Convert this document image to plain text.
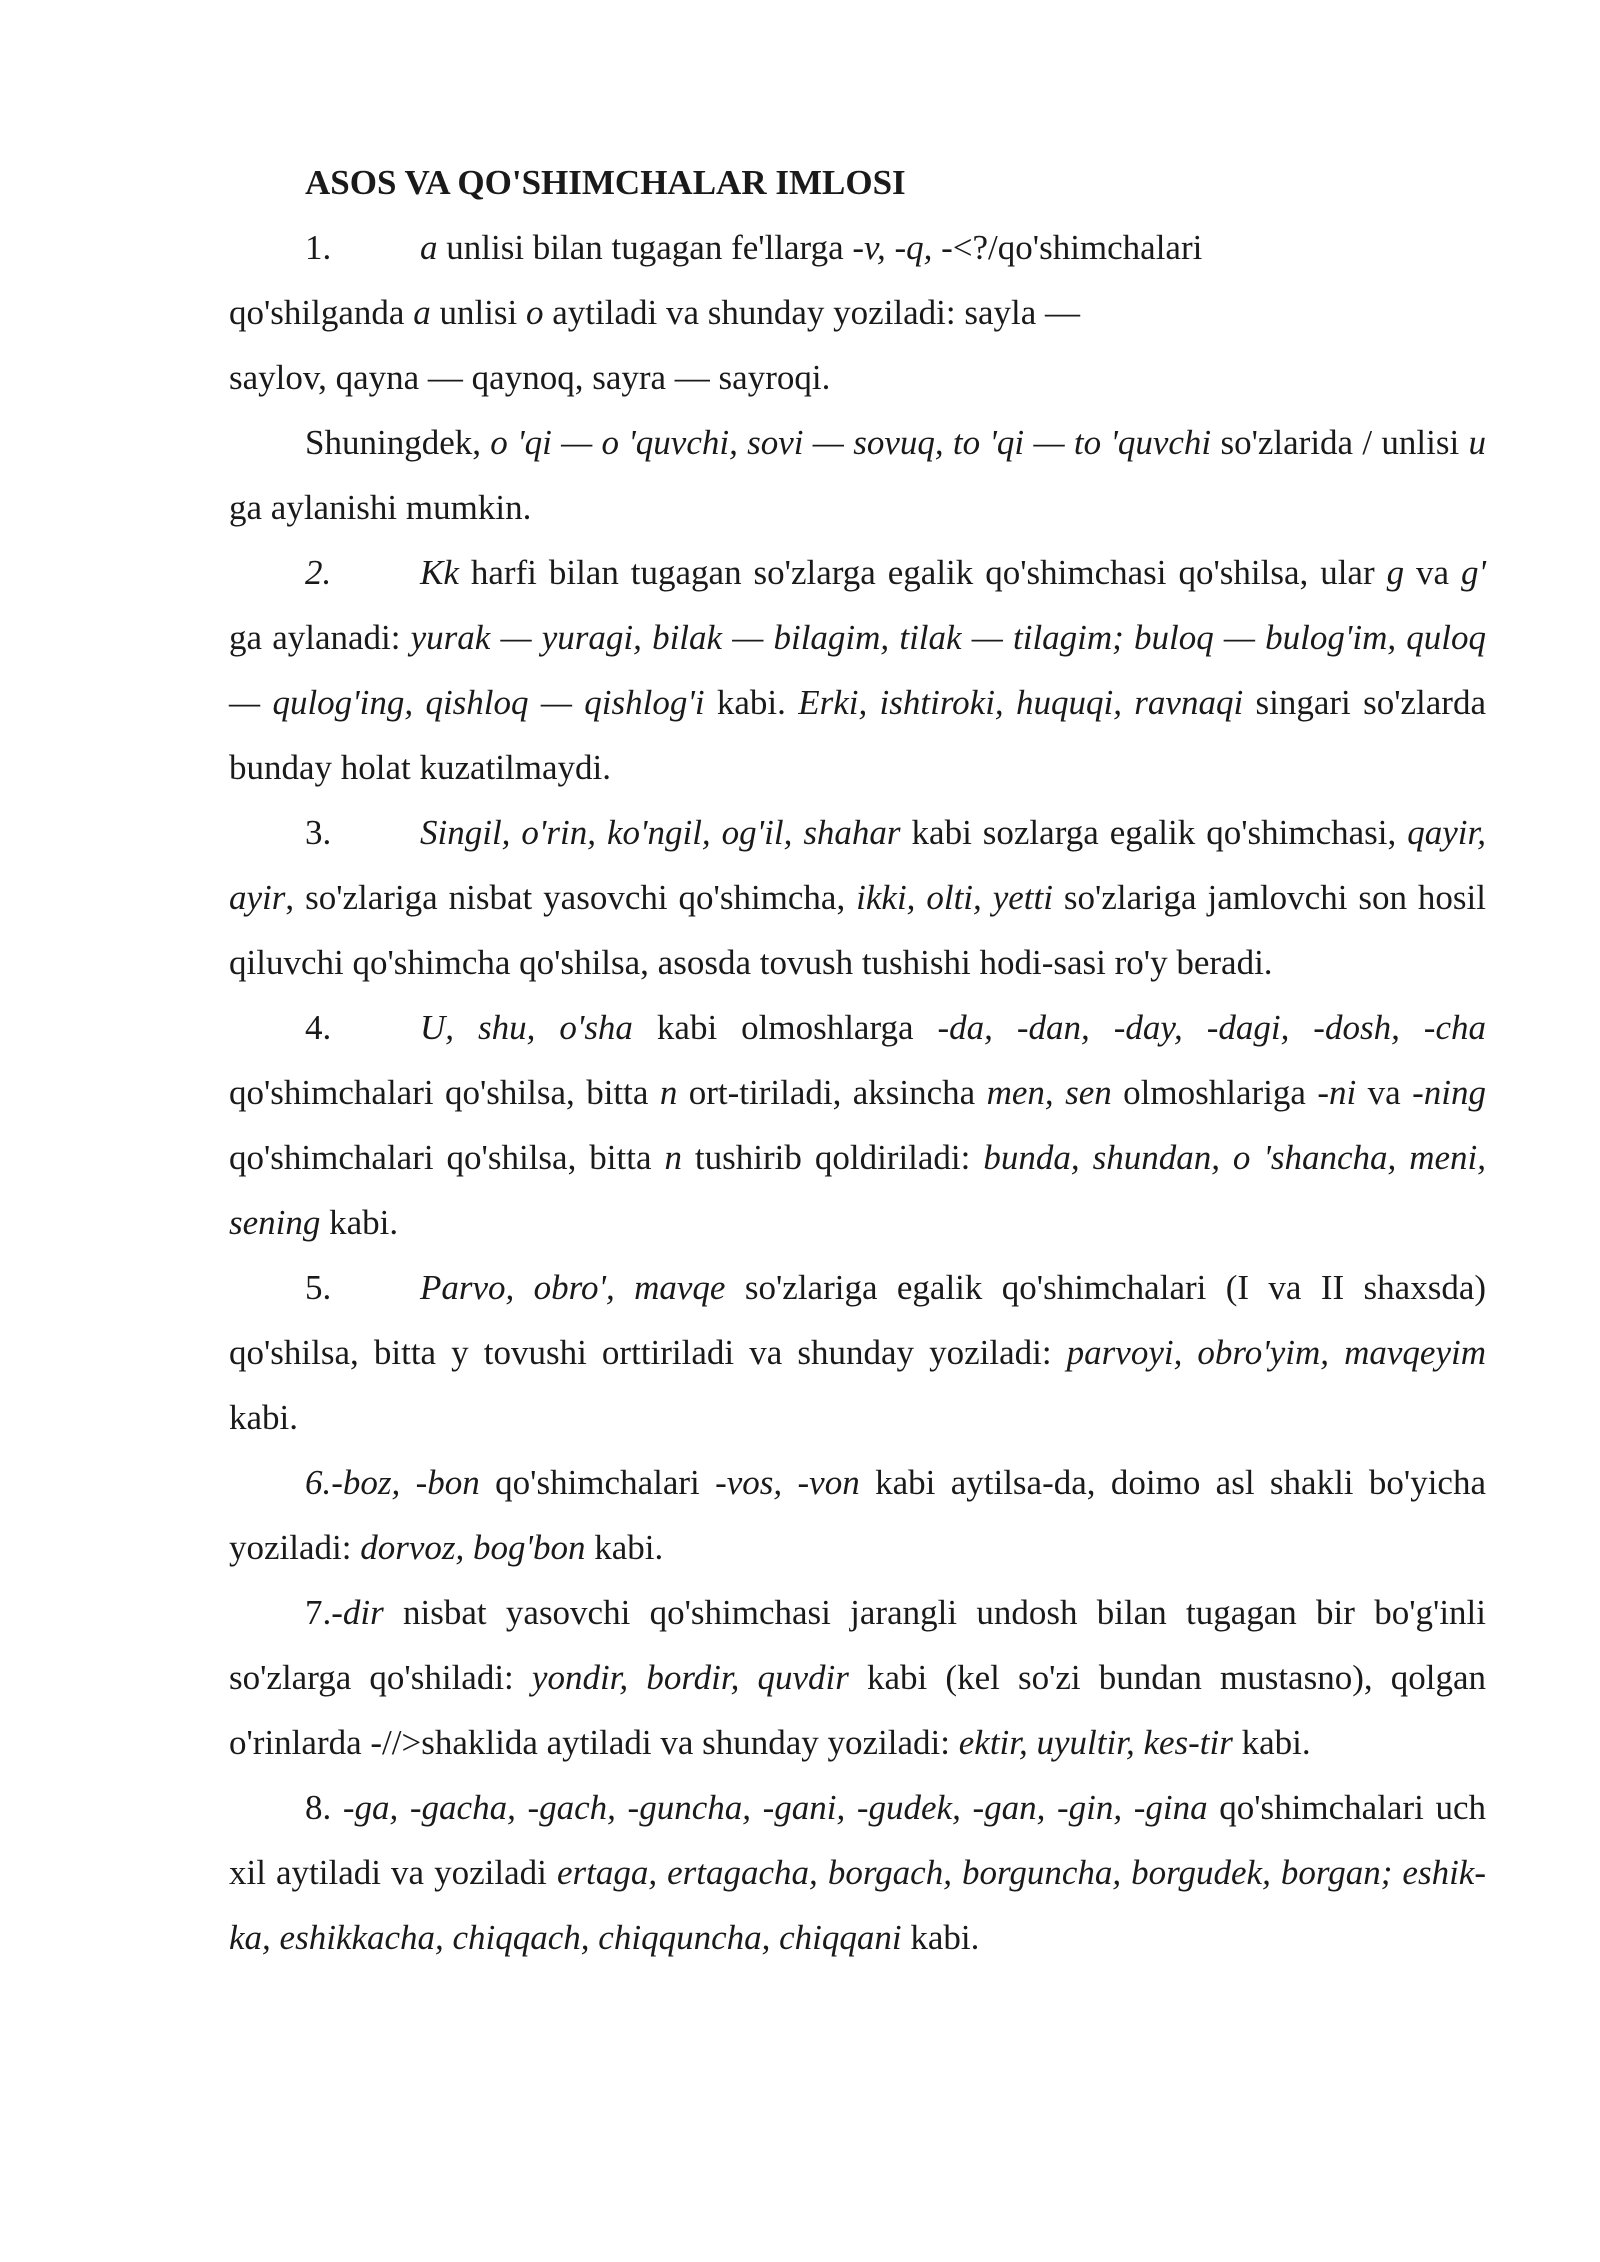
ASOS VA QO'SHIMCHALAR IMLOSI

1.	a unlisi bilan tugagan fe'llarga -v, -q, -<?/qo'shimchalari

qo'shilganda a unlisi o aytiladi va shunday yoziladi: sayla —

saylov, qayna — qaynoq, sayra — sayroqi.

Shuningdek, o 'qi — o 'quvchi, sovi — sovuq, to 'qi — to 'quvchi so'zlarida / unlisi u ga aylanishi mumkin.

2.	Kk harfi bilan tugagan so'zlarga egalik qo'shimchasi qo'shilsa, ular g va g' ga aylanadi: yurak — yuragi, bilak — bilagim, tilak — tilagim; buloq — bulog'im, quloq— qulog'ing, qishloq — qishlog'i kabi. Erki, ishtiroki, huquqi, ravnaqi singari so'zlarda bunday holat kuzatilmaydi.

3.	Singil, o'rin, ko'ngil, og'il, shahar kabi sozlarga egalik qo'shimchasi, qayir, ayir, so'zlariga nisbat yasovchi qo'shimcha, ikki, olti, yetti so'zlariga jamlovchi son hosil qiluvchi qo'shimcha qo'shilsa, asosda tovush tushishi hodi-sasi ro'y beradi.

4.	U, shu, o'sha kabi olmoshlarga -da, -dan, -day, -dagi, -dosh, -cha qo'shimchalari qo'shilsa, bitta n ort-tiriladi, aksincha men, sen olmoshlariga -ni va -ning qo'shimchalari qo'shilsa, bitta n tushirib qoldiriladi: bunda, shundan, o 'shancha, meni, sening kabi.

5.	Parvo, obro', mavqe so'zlariga egalik qo'shimchalari (I va II shaxsda) qo'shilsa, bitta y tovushi orttiriladi va shunday yoziladi: parvoyi, obro'yim, mavqeyim kabi.

6.-boz, -bon qo'shimchalari -vos, -von kabi aytilsa-da, doimo asl shakli bo'yicha yoziladi: dorvoz, bog'bon kabi.

7.-dir nisbat yasovchi qo'shimchasi jarangli undosh bilan tugagan bir bo'g'inli so'zlarga qo'shiladi: yondir, bordir, quvdir kabi (kel so'zi bundan mustasno), qolgan o'rinlarda -//>shaklida aytiladi va shunday yoziladi: ektir, uyultir, kes-tir kabi.

8. -ga, -gacha, -gach, -guncha, -gani, -gudek, -gan, -gin, -gina qo'shimchalari uch xil aytiladi va yoziladi ertaga, ertagacha, borgach, borguncha, borgudek, borgan; eshik-ka, eshikkacha, chiqqach, chiqquncha, chiqqani kabi.
